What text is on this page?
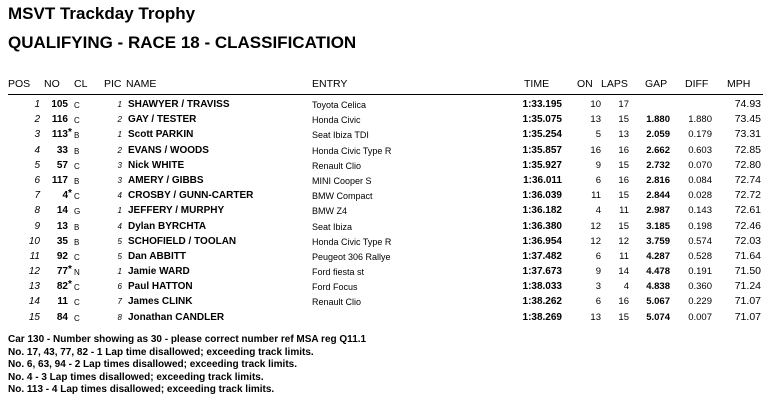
MSVT Trackday Trophy
QUALIFYING - RACE 18 - CLASSIFICATION
POS NO CL PIC NAME	ENTRY	TIME	ON LAPS GAP DIFF MPH
1 105 C	1 SHAWYER / TRAVISS	Toyota Celica	1:33.195	10 17	74.93
2 116 C	2 GAY / TESTER	Honda Civic	1:35.075	13 15 1.880 1.880 73.45
3 113 * B	1 Scott PARKIN	Seat Ibiza TDI	1:35.254	5 13 2.059 0.179 73.31
4 33 B	2 EVANS / WOODS	Honda Civic Type R	1:35.857	16 16 2.662 0.603 72.85
5 57 C	3 Nick WHITE	Renault Clio	1:35.927	9 15 2.732 0.070 72.80
6 117 B	3 AMERY / GIBBS	MINI Cooper S	1:36.011	6 16 2.816 0.084 72.74
7 4 * C	4 CROSBY / GUNN-CARTER	BMW Compact	1:36.039	11 15 2.844 0.028 72.72
8 14 G	1 JEFFERY / MURPHY	BMW Z4	1:36.182	4 11 2.987 0.143 72.61
9 13 B	4 Dylan BYRCHTA	Seat Ibiza	1:36.380	12 15 3.185 0.198 72.46
10 35 B	5 SCHOFIELD / TOOLAN	Honda Civic Type R	1:36.954	12 12 3.759 0.574 72.03
11 92 C	5 Dan ABBITT	Peugeot 306 Rallye	1:37.482	6 11 4.287 0.528 71.64
12 77 * N	1 Jamie WARD	Ford fiesta st	1:37.673	9 14 4.478 0.191 71.50
13 82 * C	6 Paul HATTON	Ford Focus	1:38.033	3 4 4.838 0.360 71.24
14 11 C	7 James CLINK	Renault Clio	1:38.262	6 16 5.067 0.229 71.07
15 84 C	8 Jonathan CANDLER	1:38.269	13 15 5.074 0.007 71.07
Car 130 - Number showing as 30 - please correct number ref MSA reg Q11.1
No. 17, 43, 77, 82 - 1 Lap time disallowed; exceeding track limits.
No. 6, 63, 94 - 2 Lap times disallowed; exceeding track limits.
No. 4 - 3 Lap times disallowed; exceeding track limits.
No. 113 - 4 Lap times disallowed; exceeding track limits.
